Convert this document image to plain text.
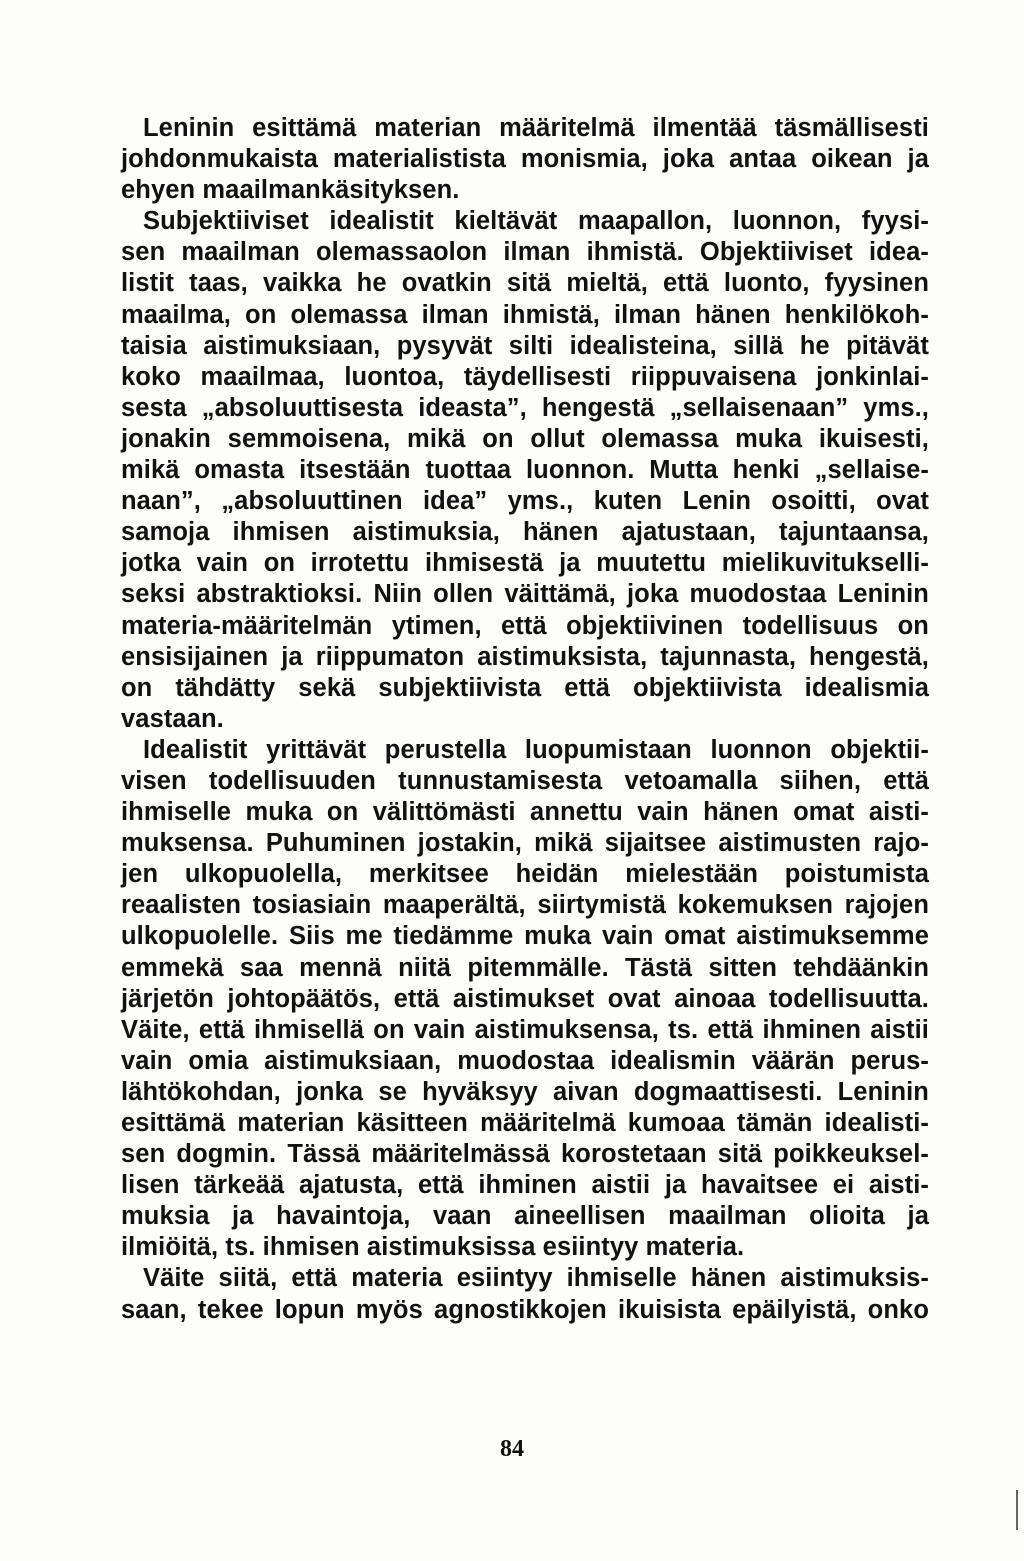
Leninin esittämä materian määritelmä ilmentää täsmällisesti
johdonmukaista materialistista monismia, joka antaa oikean ja
ehyen maailmankäsityksen.
Subjektiiviset idealistit kieltävät maapallon, luonnon, fyysi-
sen maailman olemassaolon ilman ihmistä. Objektiiviset idea-
listit taas, vaikka he ovatkin sitä mieltä, että luonto, fyysinen
maailma, on olemassa ilman ihmistä, ilman hänen henkilökoh-
taisia aistimuksiaan, pysyvät silti idealisteina, sillä he pitävät
koko maailmaa, luontoa, täydellisesti riippuvaisena jonkinlai-
sesta „absoluuttisesta ideasta”, hengestä „sellaisenaan” yms.,
jonakin semmoisena, mikä on ollut olemassa muka ikuisesti,
mikä omasta itsestään tuottaa luonnon. Mutta henki „sellaise-
naan”, „absoluuttinen idea” yms., kuten Lenin osoitti, ovat
samoja ihmisen aistimuksia, hänen ajatustaan, tajuntaansa,
jotka vain on irrotettu ihmisestä ja muutettu mielikuvitukselli-
seksi abstraktioksi. Niin ollen väittämä, joka muodostaa Leninin
materia-määritelmän ytimen, että objektiivinen todellisuus on
ensisijainen ja riippumaton aistimuksista, tajunnasta, hengestä,
on tähdätty sekä subjektiivista että objektiivista idealismia
vastaan.
Idealistit yrittävät perustella luopumistaan luonnon objektii-
visen todellisuuden tunnustamisesta vetoamalla siihen, että
ihmiselle muka on välittömästi annettu vain hänen omat aisti-
muksensa. Puhuminen jostakin, mikä sijaitsee aistimusten rajo-
jen ulkopuolella, merkitsee heidän mielestään poistumista
reaalisten tosiasiain maaperältä, siirtymistä kokemuksen rajojen
ulkopuolelle. Siis me tiedämme muka vain omat aistimuksemme
emmekä saa mennä niitä pitemmälle. Tästä sitten tehdäänkin
järjetön johtopäätös, että aistimukset ovat ainoaa todellisuutta.
Väite, että ihmisellä on vain aistimuksensa, ts. että ihminen aistii
vain omia aistimuksiaan, muodostaa idealismin väärän perus-
lähtökohdan, jonka se hyväksyy aivan dogmaattisesti. Leninin
esittämä materian käsitteen määritelmä kumoaa tämän idealisti-
sen dogmin. Tässä määritelmässä korostetaan sitä poikkeuksel-
lisen tärkeää ajatusta, että ihminen aistii ja havaitsee ei aisti-
muksia ja havaintoja, vaan aineellisen maailman olioita ja
ilmiöitä, ts. ihmisen aistimuksissa esiintyy materia.
Väite siitä, että materia esiintyy ihmiselle hänen aistimuksis-
saan, tekee lopun myös agnostikkojen ikuisista epäilyistä, onko
84
